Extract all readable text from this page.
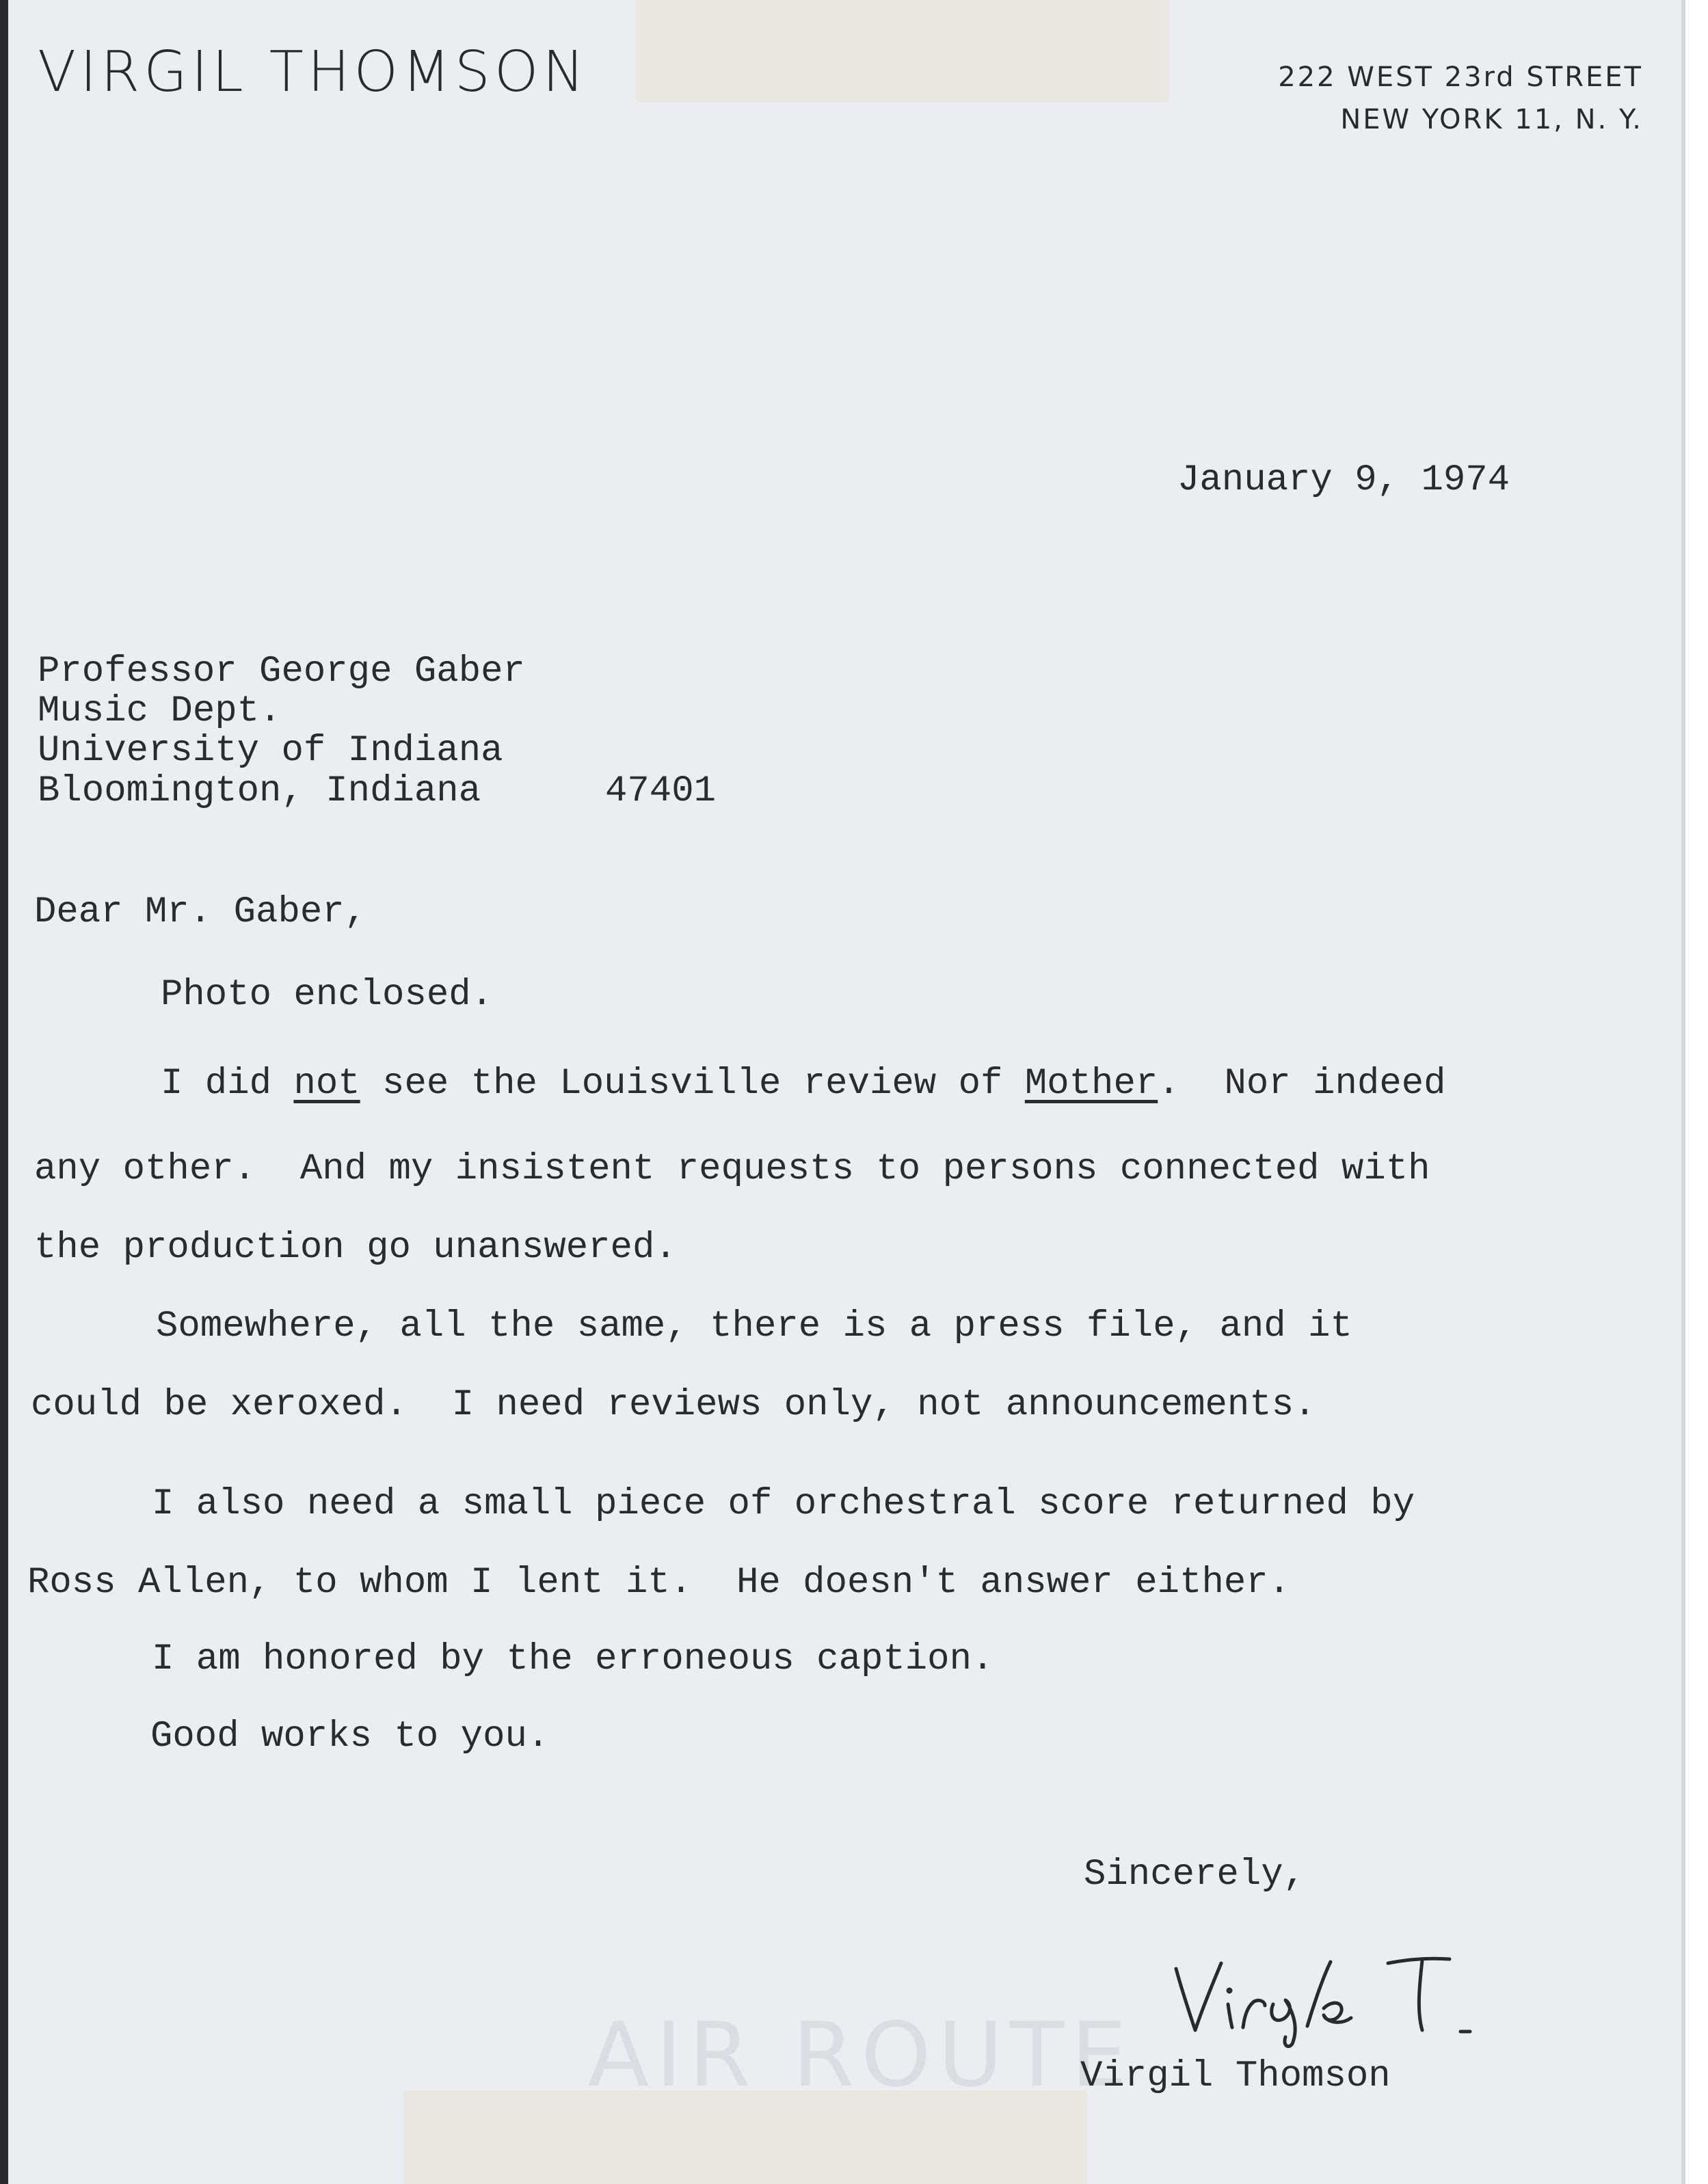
AIR ROUTE
VIRGIL THOMSON	222 WEST 23rd STREET
NEW YORK 11, N. Y.
January 9, 1974
Professor George Gaber
Music Dept.
University of Indiana
Bloomington, Indiana	47401
Dear Mr. Gaber,
Photo enclosed.
I did not see the Louisville review of Mother.  Nor indeed
any other.  And my insistent requests to persons connected with
the production go unanswered.
Somewhere, all the same, there is a press file, and it
could be xeroxed.  I need reviews only, not announcements.
I also need a small piece of orchestral score returned by
Ross Allen, to whom I lent it.  He doesn't answer either.
I am honored by the erroneous caption.
Good works to you.
Sincerely,
Virgil Thomson
